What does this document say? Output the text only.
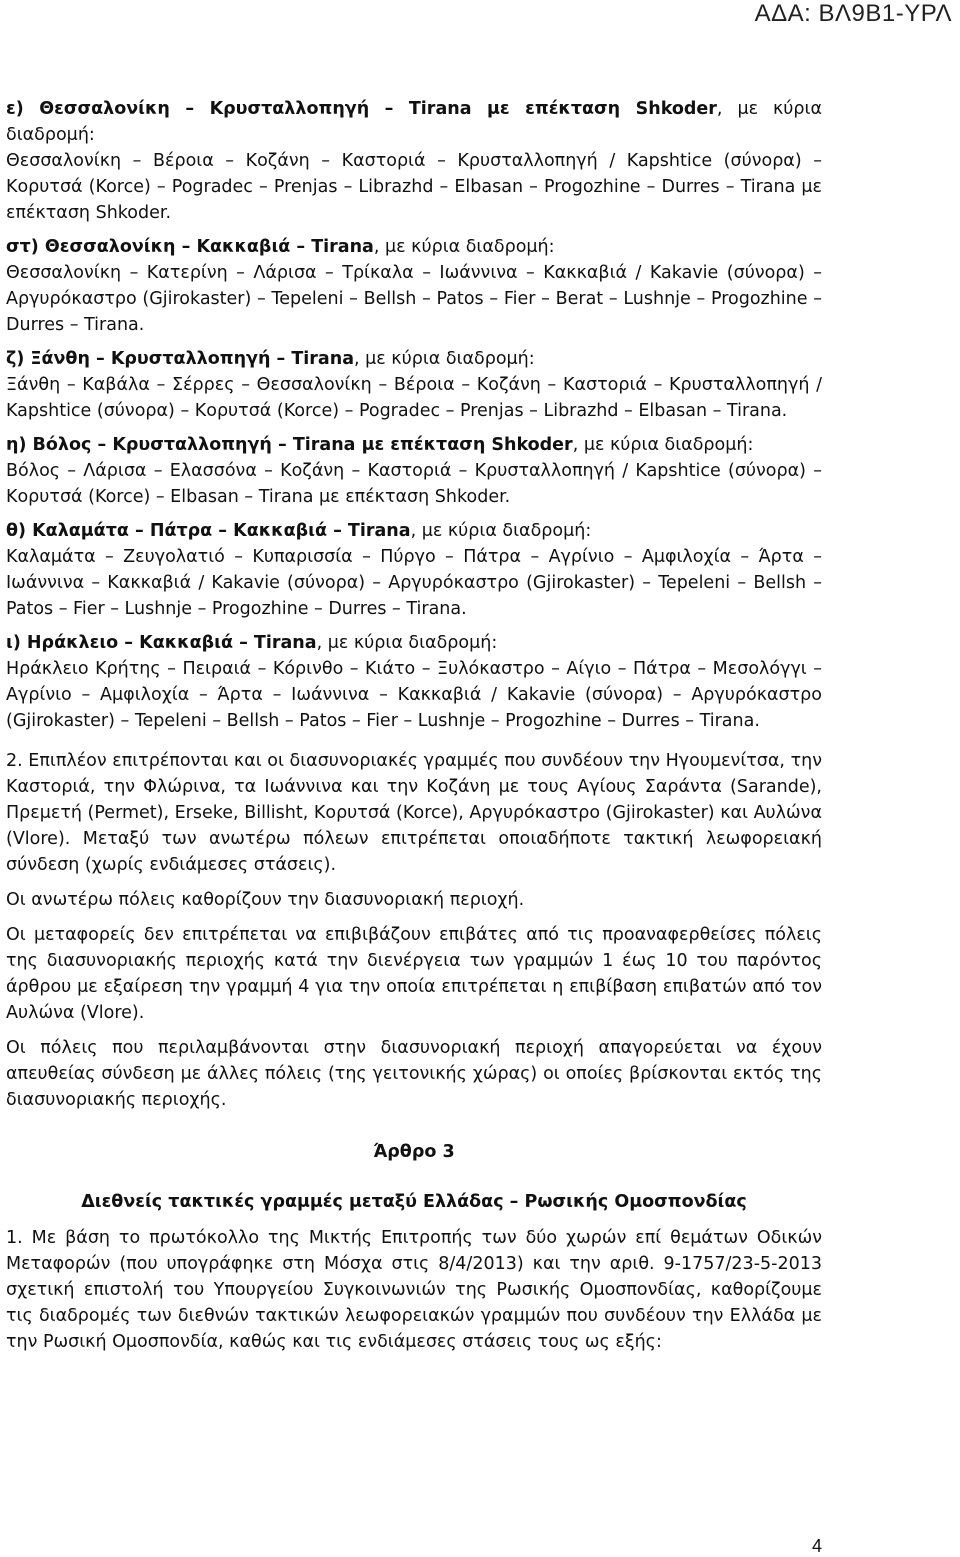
ΑΔΑ: ΒΛ9Β1-ΥΡΛ

ε) Θεσσαλονίκη – Κρυσταλλοπηγή – Tirana με επέκταση Shkoder, με κύρια διαδρομή:
Θεσσαλονίκη – Βέροια – Κοζάνη – Καστοριά – Κρυσταλλοπηγή / Kapshtice (σύνορα) – Κορυτσά (Korce) – Pogradec – Prenjas – Librazhd – Elbasan – Progozhine – Durres – Tirana με επέκταση Shkoder.

στ) Θεσσαλονίκη – Κακκαβιά – Tirana, με κύρια διαδρομή:
Θεσσαλονίκη – Κατερίνη – Λάρισα – Τρίκαλα – Ιωάννινα – Κακκαβιά / Kakavie (σύνορα) – Αργυρόκαστρο (Gjirokaster) – Tepeleni – Bellsh – Patos – Fier – Berat – Lushnje – Progozhine – Durres – Tirana.

ζ) Ξάνθη – Κρυσταλλοπηγή – Tirana, με κύρια διαδρομή:
Ξάνθη – Καβάλα – Σέρρες – Θεσσαλονίκη – Βέροια – Κοζάνη – Καστοριά – Κρυσταλλοπηγή / Kapshtice (σύνορα) – Κορυτσά (Korce) – Pogradec – Prenjas – Librazhd – Elbasan – Tirana.

η) Βόλος – Κρυσταλλοπηγή – Tirana με επέκταση Shkoder, με κύρια διαδρομή:
Βόλος – Λάρισα – Ελασσόνα – Κοζάνη – Καστοριά – Κρυσταλλοπηγή / Kapshtice (σύνορα) – Κορυτσά (Korce) – Elbasan – Tirana με επέκταση Shkoder.

θ) Καλαμάτα – Πάτρα – Κακκαβιά – Tirana, με κύρια διαδρομή:
Καλαμάτα – Ζευγολατιό – Κυπαρισσία – Πύργο – Πάτρα – Αγρίνιο – Αμφιλοχία – Άρτα – Ιωάννινα – Κακκαβιά / Kakavie (σύνορα) – Αργυρόκαστρο (Gjirokaster) – Tepeleni – Bellsh – Patos – Fier – Lushnje – Progozhine – Durres – Tirana.

ι) Ηράκλειο – Κακκαβιά – Tirana, με κύρια διαδρομή:
Ηράκλειο Κρήτης – Πειραιά – Κόρινθο – Κιάτο – Ξυλόκαστρο – Αίγιο – Πάτρα – Μεσολόγγι – Αγρίνιο – Αμφιλοχία – Άρτα – Ιωάννινα – Κακκαβιά / Kakavie (σύνορα) – Αργυρόκαστρο (Gjirokaster) – Tepeleni – Bellsh – Patos – Fier – Lushnje – Progozhine – Durres – Tirana.

2. Επιπλέον επιτρέπονται και οι διασυνοριακές γραμμές που συνδέουν την Ηγουμενίτσα, την Καστοριά, την Φλώρινα, τα Ιωάννινα και την Κοζάνη με τους Αγίους Σαράντα (Sarande), Πρεμετή (Permet), Erseke, Billisht, Κορυτσά (Korce), Αργυρόκαστρο (Gjirokaster) και Αυλώνα (Vlore). Μεταξύ των ανωτέρω πόλεων επιτρέπεται οποιαδήποτε τακτική λεωφορειακή σύνδεση (χωρίς ενδιάμεσες στάσεις).

Οι ανωτέρω πόλεις καθορίζουν την διασυνοριακή περιοχή.

Οι μεταφορείς δεν επιτρέπεται να επιβιβάζουν επιβάτες από τις προαναφερθείσες πόλεις της διασυνοριακής περιοχής κατά την διενέργεια των γραμμών 1 έως 10 του παρόντος άρθρου με εξαίρεση την γραμμή 4 για την οποία επιτρέπεται η επιβίβαση επιβατών από τον Αυλώνα (Vlore).

Οι πόλεις που περιλαμβάνονται στην διασυνοριακή περιοχή απαγορεύεται να έχουν απευθείας σύνδεση με άλλες πόλεις (της γειτονικής χώρας) οι οποίες βρίσκονται εκτός της διασυνοριακής περιοχής.

Άρθρο 3

Διεθνείς τακτικές γραμμές μεταξύ Ελλάδας – Ρωσικής Ομοσπονδίας

1. Με βάση το πρωτόκολλο της Μικτής Επιτροπής των δύο χωρών επί θεμάτων Οδικών Μεταφορών (που υπογράφηκε στη Μόσχα στις 8/4/2013) και την αριθ. 9-1757/23-5-2013 σχετική επιστολή του Υπουργείου Συγκοινωνιών της Ρωσικής Ομοσπονδίας, καθορίζουμε τις διαδρομές των διεθνών τακτικών λεωφορειακών γραμμών που συνδέουν την Ελλάδα με την Ρωσική Ομοσπονδία, καθώς και τις ενδιάμεσες στάσεις τους ως εξής:

4
